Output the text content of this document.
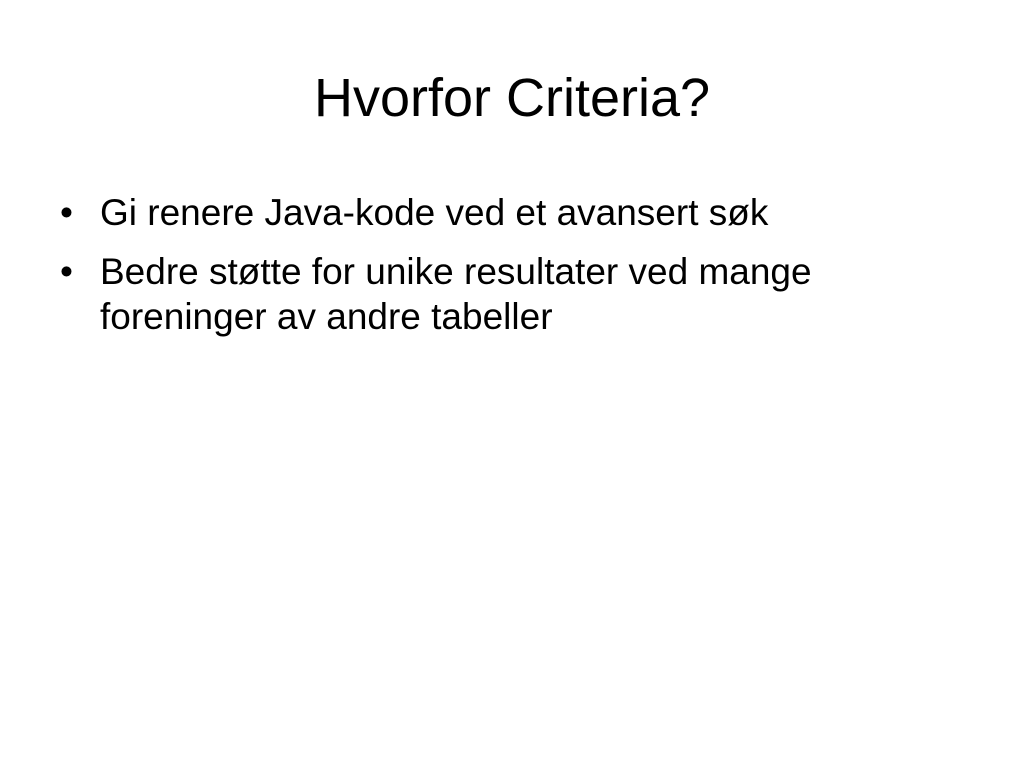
Hvorfor Criteria?
• Gi renere Java-kode ved et avansert søk
• Bedre støtte for unike resultater ved mange foreninger av andre tabeller
